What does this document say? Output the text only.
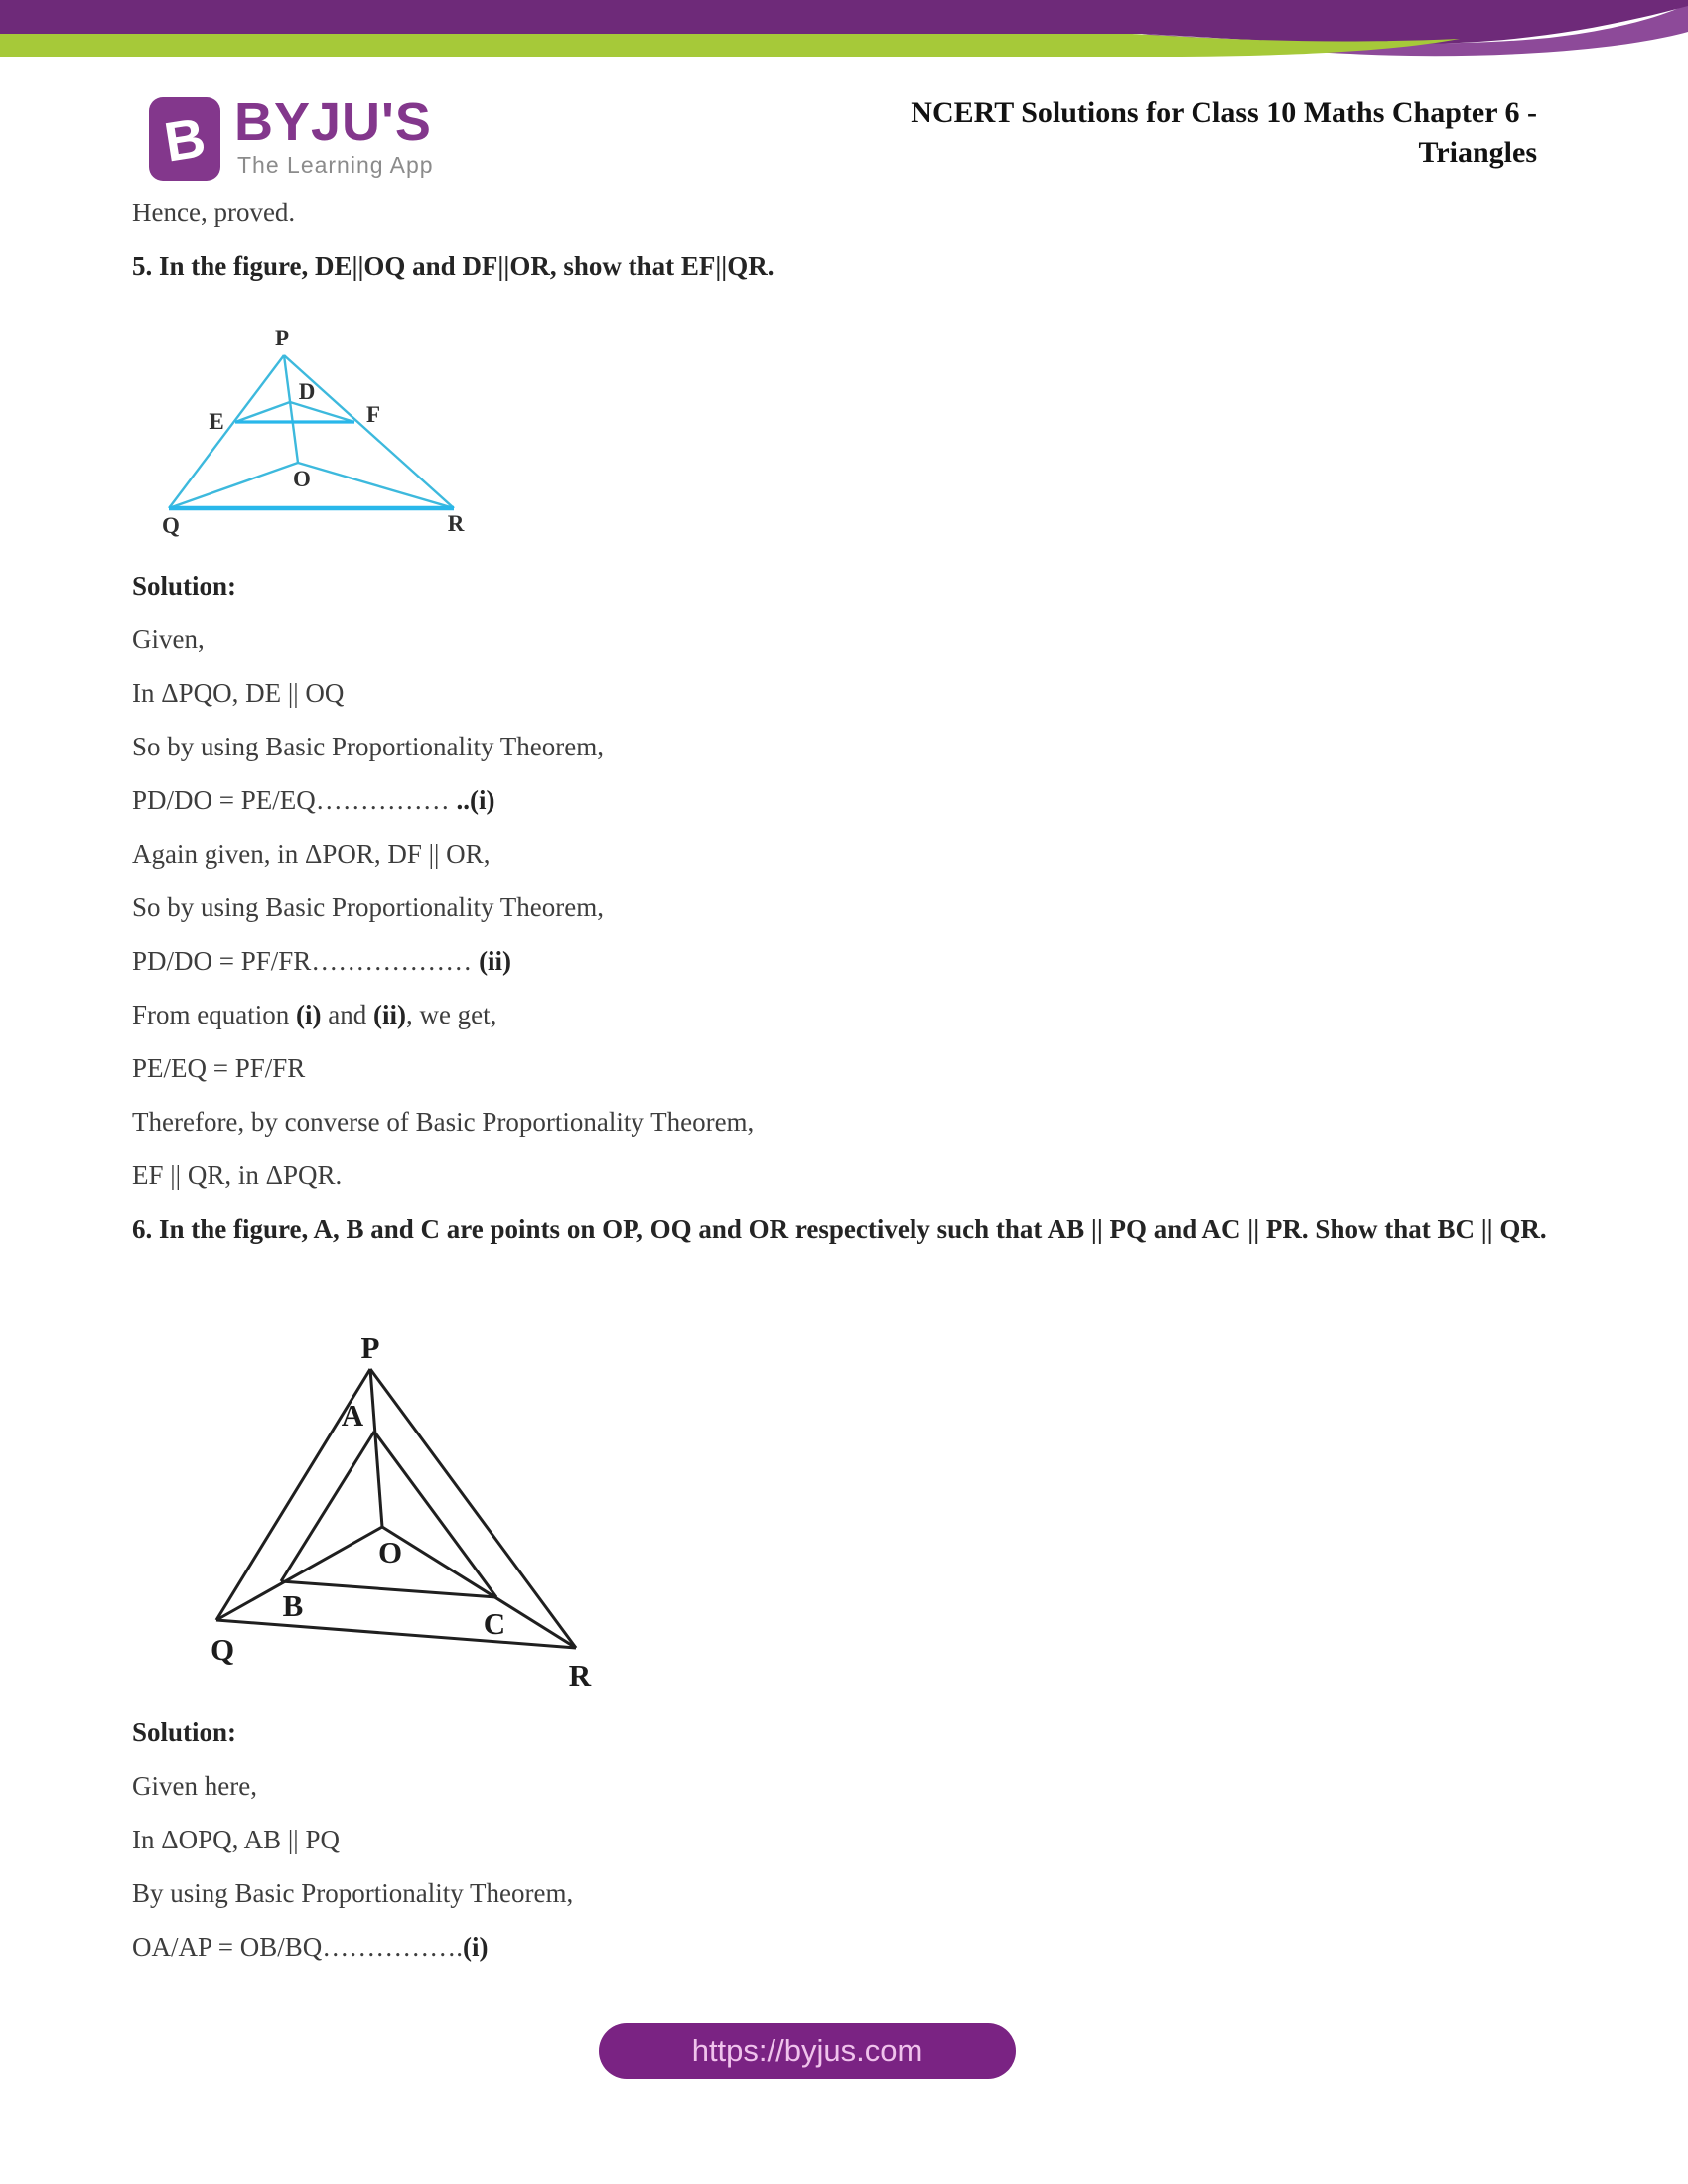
B BYJU'S
The Learning App
NCERT Solutions for Class 10 Maths Chapter 6 -
Triangles

Hence, proved.

5. In the figure, DE||OQ and DF||OR, show that EF||QR.

P
Q	R
E	F
D
O

Solution:

Given,

In ΔPQO, DE || OQ

So by using Basic Proportionality Theorem,

PD/DO = PE/EQ…………… ..(i)

Again given, in ΔPOR, DF || OR,

So by using Basic Proportionality Theorem,

PD/DO = PF/FR……………… (ii)

From equation (i) and (ii), we get,

PE/EQ = PF/FR

Therefore, by converse of Basic Proportionality Theorem,

EF || QR, in ΔPQR.

6. In the figure, A, B and C are points on OP, OQ and OR respectively such that AB || PQ and AC || PR. Show that BC || QR.

P
A
O
B
Q
C
R

Solution:

Given here,

In ΔOPQ, AB || PQ

By using Basic Proportionality Theorem,

OA/AP = OB/BQ…………….(i)

https://byjus.com
